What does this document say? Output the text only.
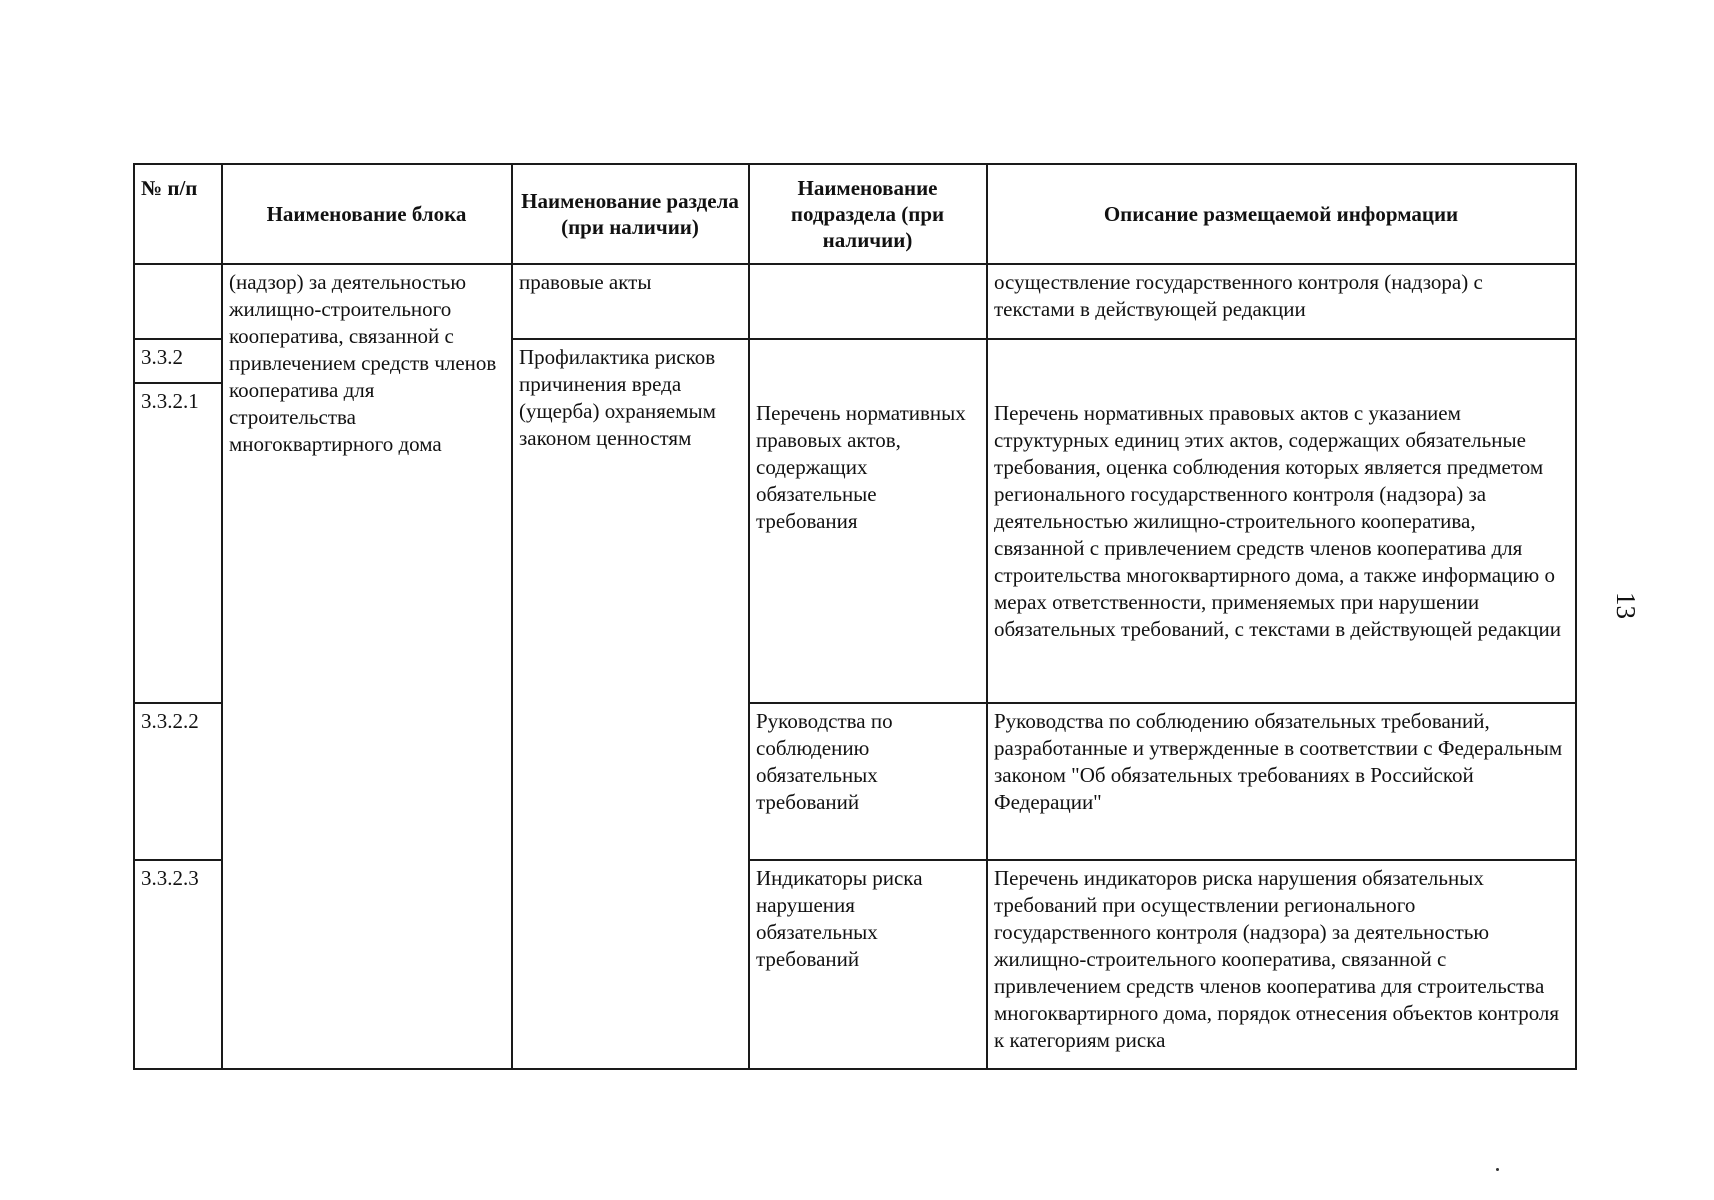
№ п/п	Наименование блока	Наименование раздела (при наличии)	Наименование подраздела (при наличии)	Описание размещаемой информации
	(надзор) за деятельностью жилищно-строительного кооператива, связанной с привлечением средств членов кооператива для строительства многоквартирного дома	правовые акты		осуществление государственного контроля (надзора) с текстами в действующей редакции
3.3.2		Профилактика рисков причинения вреда (ущерба) охраняемым законом ценностям	Перечень нормативных правовых актов, содержащих обязательные требования	Перечень нормативных правовых актов с указанием структурных единиц этих актов, содержащих обязательные требования, оценка соблюдения которых является предметом регионального государственного контроля (надзора) за деятельностью жилищно-строительного кооператива, связанной с привлечением средств членов кооператива для строительства многоквартирного дома, а также информацию о мерах ответственности, применяемых при нарушении обязательных требований, с текстами в действующей редакции
3.3.2.1				
3.3.2.2			Руководства по соблюдению обязательных требований	Руководства по соблюдению обязательных требований, разработанные и утвержденные в соответствии с Федеральным законом "Об обязательных требованиях в Российской Федерации"
3.3.2.3			Индикаторы риска нарушения обязательных требований	Перечень индикаторов риска нарушения обязательных требований при осуществлении регионального государственного контроля (надзора) за деятельностью жилищно-строительного кооператива, связанной с привлечением средств членов кооператива для строительства многоквартирного дома, порядок отнесения объектов контроля к категориям риска
13
